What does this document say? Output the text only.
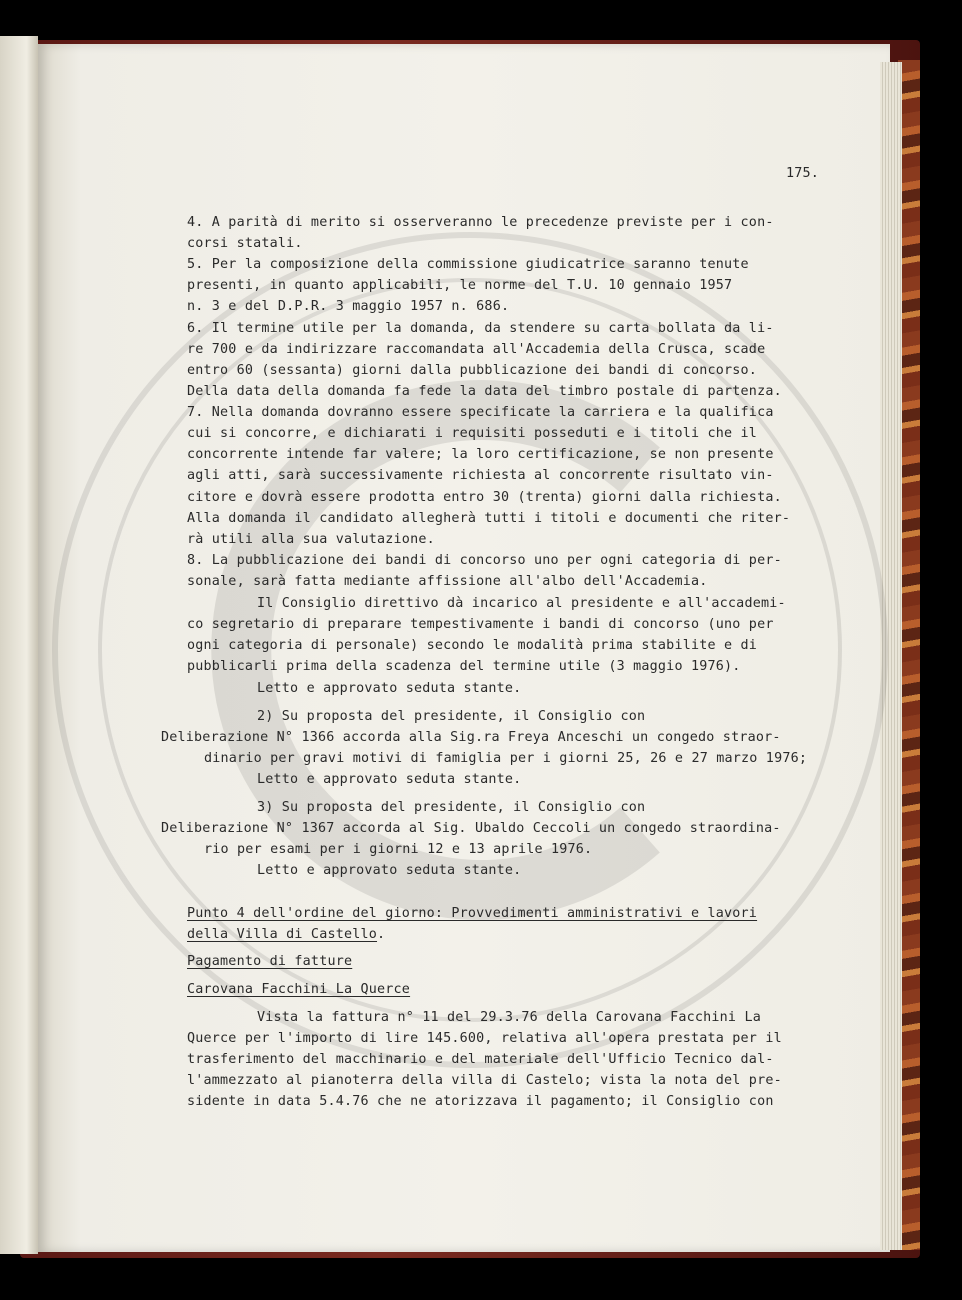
175.
4. A parità di merito si osserveranno le precedenze previste per i con-
corsi statali.
5. Per la composizione della commissione giudicatrice saranno tenute
presenti, in quanto applicabili, le norme del T.U. 10 gennaio 1957
n. 3 e del D.P.R. 3 maggio 1957 n. 686.
6. Il termine utile per la domanda, da stendere su carta bollata da li-
re 700 e da indirizzare raccomandata all'Accademia della Crusca, scade
entro 60 (sessanta) giorni dalla pubblicazione dei bandi di concorso.
Della data della domanda fa fede la data del timbro postale di partenza.
7. Nella domanda dovranno essere specificate la carriera e la qualifica
cui si concorre, e dichiarati i requisiti posseduti e i titoli che il
concorrente intende far valere; la loro certificazione, se non presente
agli atti, sarà successivamente richiesta al concorrente risultato vin-
citore e dovrà essere prodotta entro 30 (trenta) giorni dalla richiesta.
Alla domanda il candidato allegherà tutti i titoli e documenti che riter-
rà utili alla sua valutazione.
8. La pubblicazione dei bandi di concorso uno per ogni categoria di per-
sonale, sarà fatta mediante affissione all'albo dell'Accademia.
Il Consiglio direttivo dà incarico al presidente e all'accademi-
co segretario di preparare tempestivamente i bandi di concorso (uno per
ogni categoria di personale) secondo le modalità prima stabilite e di
pubblicarli prima della scadenza del termine utile (3 maggio 1976).
Letto e approvato seduta stante.
2) Su proposta del presidente, il Consiglio con
Deliberazione N° 1366 accorda alla Sig.ra Freya Anceschi un congedo straor-
dinario per gravi motivi di famiglia per i giorni 25, 26 e 27 marzo 1976;
Letto e approvato seduta stante.
3) Su proposta del presidente, il Consiglio con
Deliberazione N° 1367 accorda al Sig. Ubaldo Ceccoli un congedo straordina-
rio per esami per i giorni 12 e 13 aprile 1976.
Letto e approvato seduta stante.
Punto 4 dell'ordine del giorno: Provvedimenti amministrativi e lavori
della Villa di Castello.
Pagamento di fatture
Carovana Facchini La Querce
Vista la fattura n° 11 del 29.3.76 della Carovana Facchini La
Querce per l'importo di lire 145.600, relativa all'opera prestata per il
trasferimento del macchinario e del materiale dell'Ufficio Tecnico dal-
l'ammezzato al pianoterra della villa di Castelo; vista la nota del pre-
sidente in data 5.4.76 che ne atorizzava il pagamento; il Consiglio con
